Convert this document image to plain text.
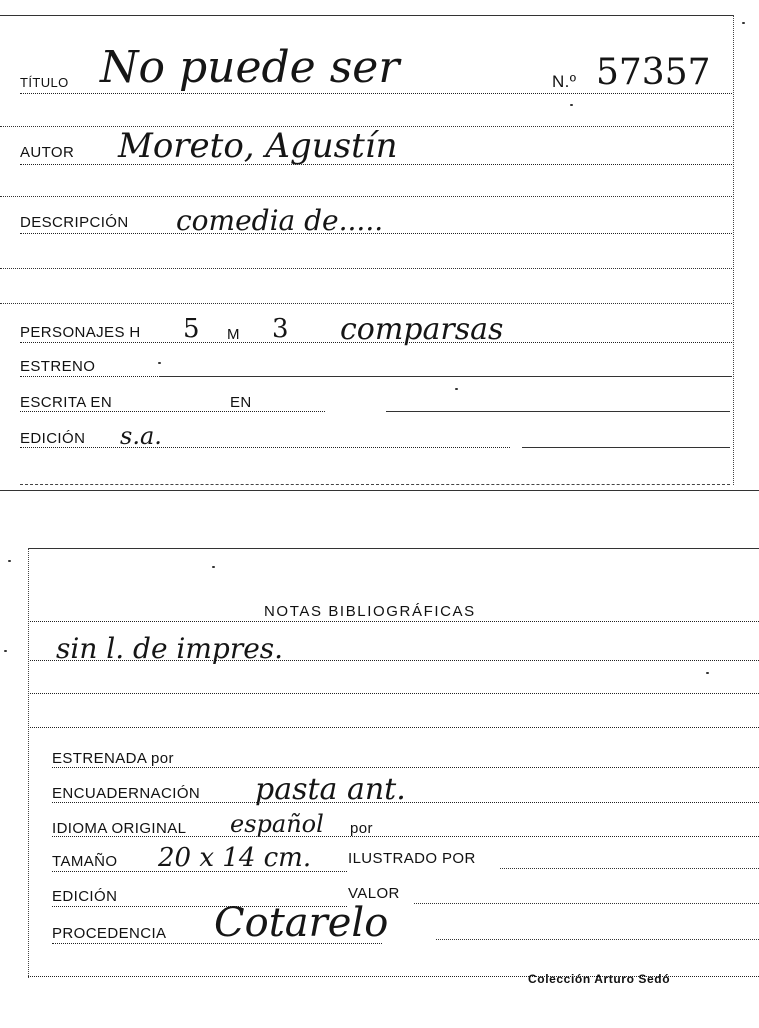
TÍTULO No puede ser	N.º 57357
AUTOR Moreto, Agustín
DESCRIPCIÓN comedia de.....
PERSONAJES H 5 M 3 comparsas
ESTRENO
ESCRITA EN	EN
EDICIÓN s.a.
NOTAS BIBLIOGRÁFICAS
sin l. de impres.
ESTRENADA por
ENCUADERNACIÓN pasta ant.
IDIOMA ORIGINAL español por
TAMAÑO 20 x 14 cm. ILUSTRADO POR
EDICIÓN	VALOR
PROCEDENCIA Cotarelo
Colección Arturo Sedó
